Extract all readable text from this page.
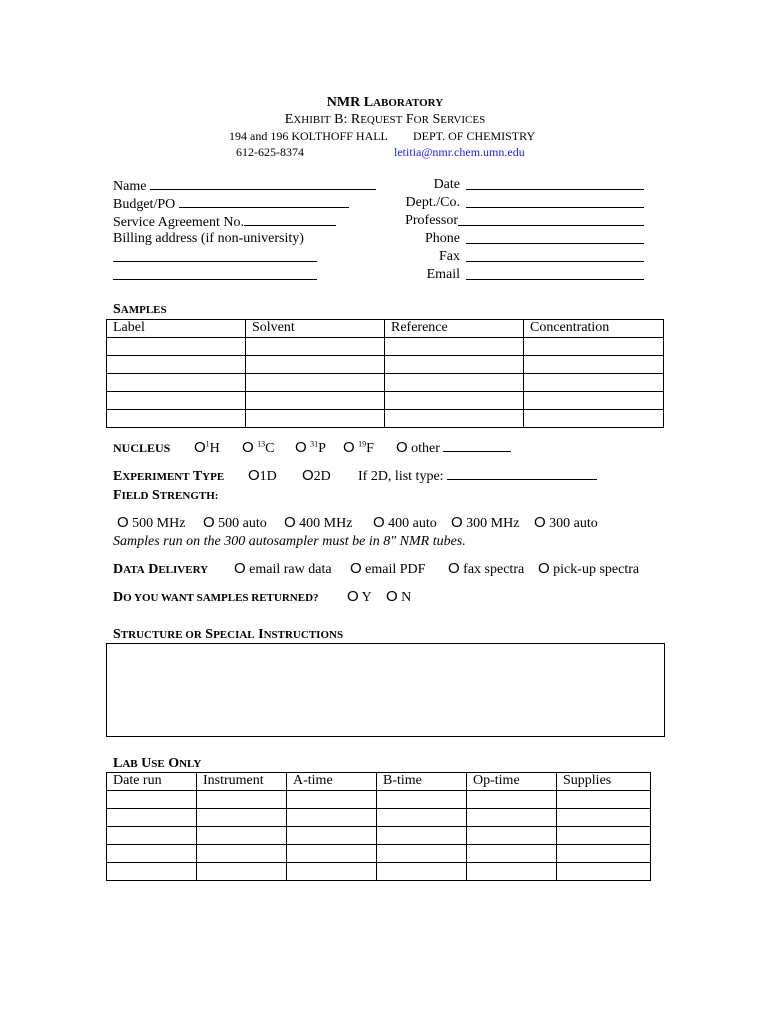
NMR LABORATORY
EXHIBIT B: REQUEST FOR SERVICES
194 and 196 KOLTHOFF HALL DEPT. OF CHEMISTRY
612-625-8374	letitia@nmr.chem.umn.edu
Name
Budget/PO
Service Agreement No.
Billing address (if non-university)
Date
Dept./Co.
Professor
Phone
Fax
Email
SAMPLES
Label	Solvent	Reference	Concentration

NUCLEUS $O^1H$ O $^{13}$C O $^{31}$P O $^{19}$F O other
EXPERIMENT TYPE O1D O2D If 2D, list type:
FIELD STRENGTH:
O 500 MHz O 500 auto O 400 MHz O 400 auto O 300 MHz O 300 auto
Samples run on the 300 autosampler must be in 8" NMR tubes.
DATA DELIVERY O email raw data O email PDF O fax spectra O pick-up spectra
DO YOU WANT SAMPLES RETURNED? O Y O N
STRUCTURE OR SPECIAL INSTRUCTIONS
LAB USE ONLY
Date run	Instrument	A-time	B-time	Op-time	Supplies
